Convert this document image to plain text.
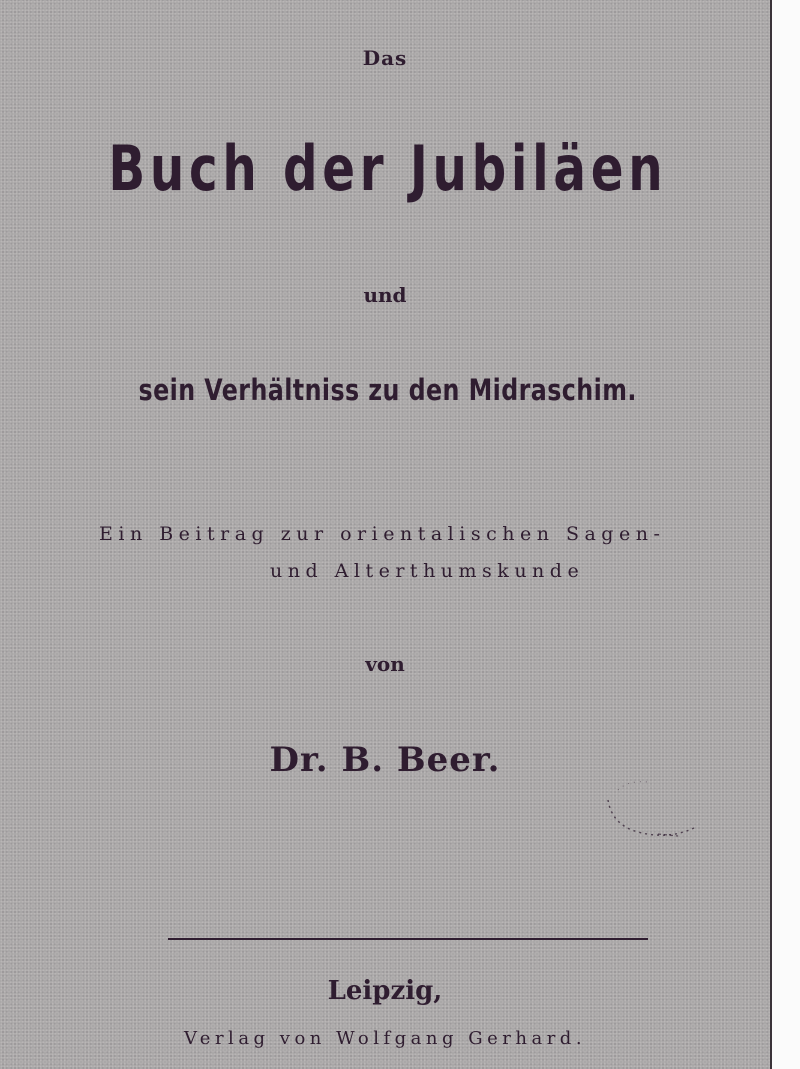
Das
Buch der Jubiläen
und
sein Verhältniss zu den Midraschim.
Ein Beitrag zur orientalischen Sagen-
und Alterthumskunde
von
Dr. B. Beer.
Leipzig,
Verlag von Wolfgang Gerhard.
